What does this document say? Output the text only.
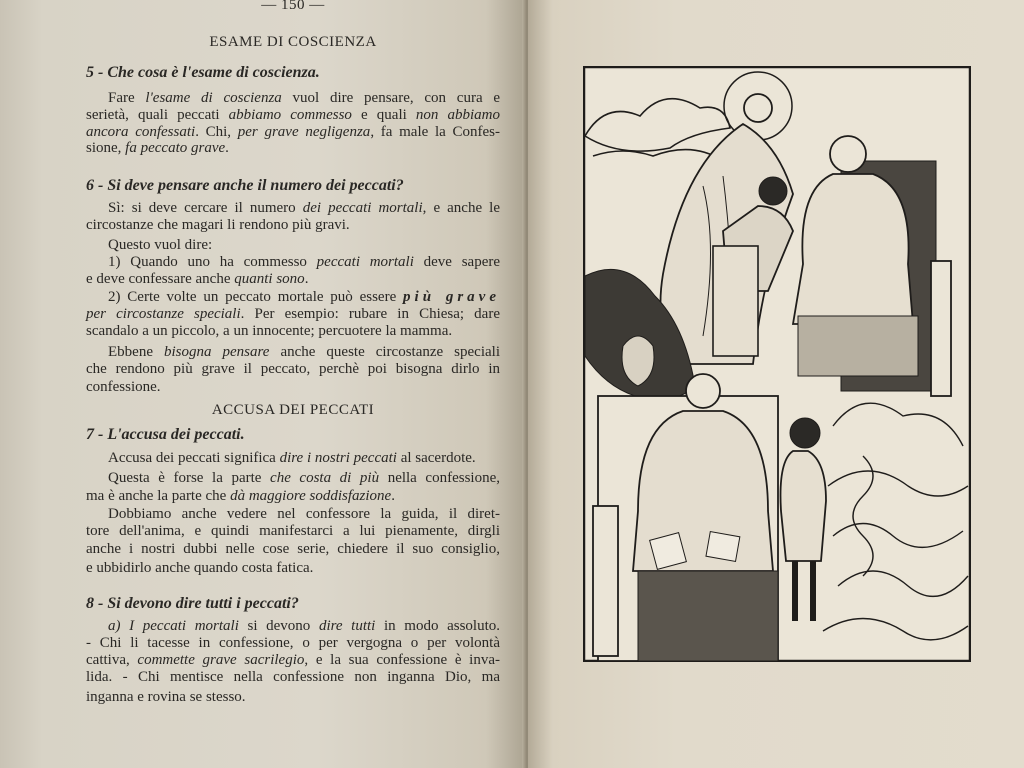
— 150 —
ESAME DI COSCIENZA
5 - Che cosa è l'esame di coscienza.
Fare l'esame di coscienza vuol dire pensare, con cura e
serietà, quali peccati abbiamo commesso e quali non abbiamo
ancora confessati. Chi, per grave negligenza, fa male la Confes-
sione, fa peccato grave.
6 - Si deve pensare anche il numero dei peccati?
Sì: si deve cercare il numero dei peccati mortali, e anche le
circostanze che magari li rendono più gravi.
Questo vuol dire:
1) Quando uno ha commesso peccati mortali deve sapere
e deve confessare anche quanti sono.
2) Certe volte un peccato mortale può essere più grave
per circostanze speciali. Per esempio: rubare in Chiesa; dare
scandalo a un piccolo, a un innocente; percuotere la mamma.
Ebbene bisogna pensare anche queste circostanze speciali
che rendono più grave il peccato, perchè poi bisogna dirlo in
confessione.
ACCUSA DEI PECCATI
7 - L'accusa dei peccati.
Accusa dei peccati significa dire i nostri peccati al sacerdote.
Questa è forse la parte che costa di più nella confessione,
ma è anche la parte che dà maggiore soddisfazione.
Dobbiamo anche vedere nel confessore la guida, il diret-
tore dell'anima, e quindi manifestarci a lui pienamente, dirgli
anche i nostri dubbi nelle cose serie, chiedere il suo consiglio,
e ubbidirlo anche quando costa fatica.
8 - Si devono dire tutti i peccati?
a) I peccati mortali si devono dire tutti in modo assoluto.
- Chi li tacesse in confessione, o per vergogna o per volontà
cattiva, commette grave sacrilegio, e la sua confessione è inva-
lida. - Chi mentisce nella confessione non inganna Dio, ma
inganna e rovina se stesso.
